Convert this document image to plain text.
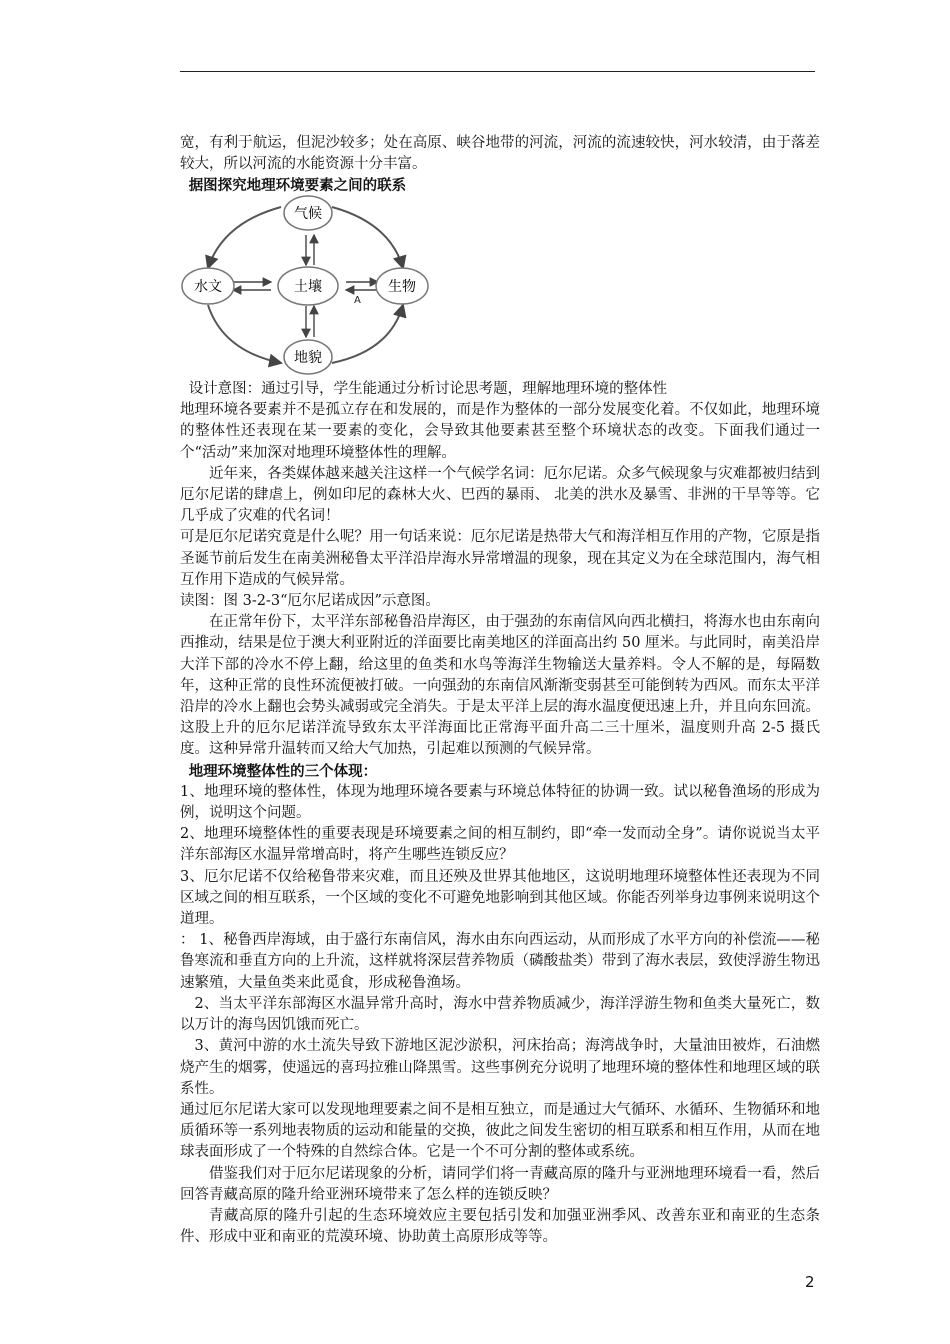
宽，有利于航运，但泥沙较多；处在高原、峡谷地带的河流，河流的流速较快，河水较清，由于落差较大，所以河流的水能资源十分丰富。

据图探究地理环境要素之间的联系

A
气候
水文	土壤	生物
地貌

设计意图：通过引导，学生能通过分析讨论思考题，理解地理环境的整体性

地理环境各要素并不是孤立存在和发展的，而是作为整体的一部分发展变化着。不仅如此，地理环境的整体性还表现在某一要素的变化，会导致其他要素甚至整个环境状态的改变。下面我们通过一个“活动”来加深对地理环境整体性的理解。

近年来，各类媒体越来越关注这样一个气候学名词：厄尔尼诺。众多气候现象与灾难都被归结到厄尔尼诺的肆虐上，例如印尼的森林大火、巴西的暴雨、 北美的洪水及暴雪、非洲的干旱等等。它几乎成了灾难的代名词！

可是厄尔尼诺究竟是什么呢？用一句话来说：厄尔尼诺是热带大气和海洋相互作用的产物，它原是指圣诞节前后发生在南美洲秘鲁太平洋沿岸海水异常增温的现象，现在其定义为在全球范围内，海气相互作用下造成的气候异常。

读图：图 3-2-3“厄尔尼诺成因”示意图。

在正常年份下，太平洋东部秘鲁沿岸海区，由于强劲的东南信风向西北横扫，将海水也由东南向西推动，结果是位于澳大利亚附近的洋面要比南美地区的洋面高出约 50 厘米。与此同时，南美沿岸大洋下部的冷水不停上翻，给这里的鱼类和水鸟等海洋生物输送大量养料。令人不解的是，每隔数年，这种正常的良性环流便被打破。一向强劲的东南信风渐渐变弱甚至可能倒转为西风。而东太平洋沿岸的冷水上翻也会势头减弱或完全消失。于是太平洋上层的海水温度便迅速上升，并且向东回流。这股上升的厄尔尼诺洋流导致东太平洋海面比正常海平面升高二三十厘米，温度则升高 2-5 摄氏度。这种异常升温转而又给大气加热，引起难以预测的气候异常。

地理环境整体性的三个体现：

1、地理环境的整体性，体现为地理环境各要素与环境总体特征的协调一致。试以秘鲁渔场的形成为例，说明这个问题。

2、地理环境整体性的重要表现是环境要素之间的相互制约，即“牵一发而动全身”。请你说说当太平洋东部海区水温异常增高时，将产生哪些连锁反应？

3、厄尔尼诺不仅给秘鲁带来灾难，而且还殃及世界其他地区，这说明地理环境整体性还表现为不同区域之间的相互联系，一个区域的变化不可避免地影响到其他区域。你能否列举身边事例来说明这个道理。

： 1、秘鲁西岸海域，由于盛行东南信风，海水由东向西运动，从而形成了水平方向的补偿流——秘鲁寒流和垂直方向的上升流，这样就将深层营养物质（磷酸盐类）带到了海水表层，致使浮游生物迅速繁殖，大量鱼类来此觅食，形成秘鲁渔场。

2、当太平洋东部海区水温异常升高时，海水中营养物质减少，海洋浮游生物和鱼类大量死亡，数以万计的海鸟因饥饿而死亡。

3、黄河中游的水土流失导致下游地区泥沙淤积，河床抬高；海湾战争时，大量油田被炸，石油燃烧产生的烟雾，使遥远的喜玛拉雅山降黑雪。这些事例充分说明了地理环境的整体性和地理区域的联系性。

通过厄尔尼诺大家可以发现地理要素之间不是相互独立，而是通过大气循环、水循环、生物循环和地质循环等一系列地表物质的运动和能量的交换，彼此之间发生密切的相互联系和相互作用，从而在地球表面形成了一个特殊的自然综合体。它是一个不可分割的整体或系统。

借鉴我们对于厄尔尼诺现象的分析，请同学们将一青藏高原的隆升与亚洲地理环境看一看，然后回答青藏高原的隆升给亚洲环境带来了怎么样的连锁反映？

青藏高原的隆升引起的生态环境效应主要包括引发和加强亚洲季风、改善东亚和南亚的生态条件、形成中亚和南亚的荒漠环境、协助黄土高原形成等等。

2
